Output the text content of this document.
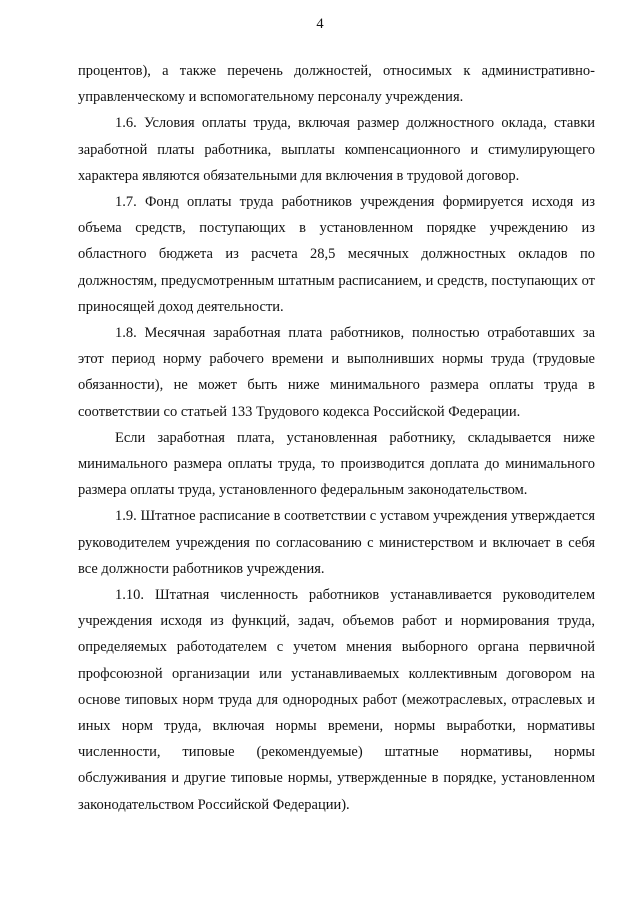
4

процентов), а также перечень должностей, относимых к административно-управленческому и вспомогательному персоналу учреждения.

1.6. Условия оплаты труда, включая размер должностного оклада, ставки заработной платы работника, выплаты компенсационного и стимулирующего характера являются обязательными для включения в трудовой договор.

1.7. Фонд оплаты труда работников учреждения формируется исходя из объема средств, поступающих в установленном порядке учреждению из областного бюджета из расчета 28,5 месячных должностных окладов по должностям, предусмотренным штатным расписанием, и средств, поступающих от приносящей доход деятельности.

1.8. Месячная заработная плата работников, полностью отработавших за этот период норму рабочего времени и выполнивших нормы труда (трудовые обязанности), не может быть ниже минимального размера оплаты труда в соответствии со статьей 133 Трудового кодекса Российской Федерации.

Если заработная плата, установленная работнику, складывается ниже минимального размера оплаты труда, то производится доплата до минимального размера оплаты труда, установленного федеральным законодательством.

1.9. Штатное расписание в соответствии с уставом учреждения утверждается руководителем учреждения по согласованию с министерством и включает в себя все должности работников учреждения.

1.10. Штатная численность работников устанавливается руководителем учреждения исходя из функций, задач, объемов работ и нормирования труда, определяемых работодателем с учетом мнения выборного органа первичной профсоюзной организации или устанавливаемых коллективным договором на основе типовых норм труда для однородных работ (межотраслевых, отраслевых и иных норм труда, включая нормы времени, нормы выработки, нормативы численности, типовые (рекомендуемые) штатные нормативы, нормы обслуживания и другие типовые нормы, утвержденные в порядке, установленном законодательством Российской Федерации).
